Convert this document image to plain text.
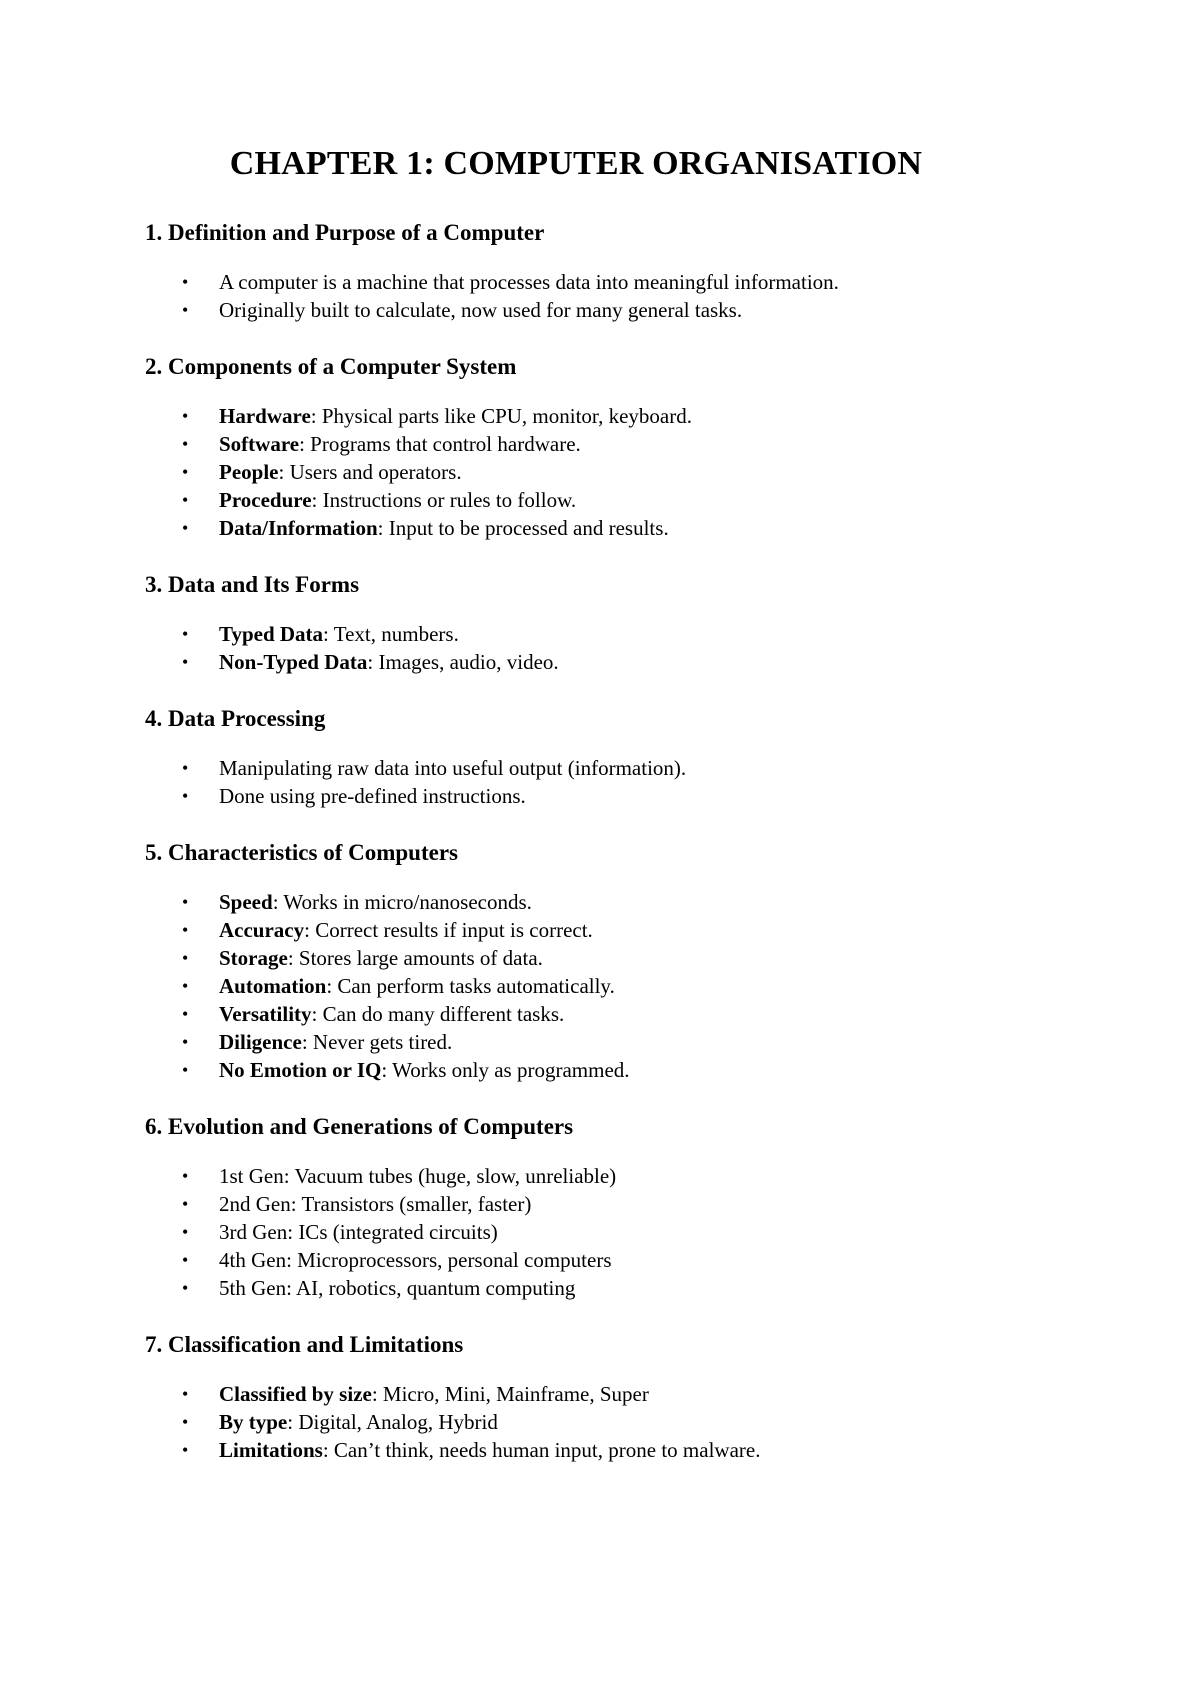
CHAPTER 1: COMPUTER ORGANISATION
1. Definition and Purpose of a Computer
• A computer is a machine that processes data into meaningful information.
• Originally built to calculate, now used for many general tasks.
2. Components of a Computer System
• Hardware: Physical parts like CPU, monitor, keyboard.
• Software: Programs that control hardware.
• People: Users and operators.
• Procedure: Instructions or rules to follow.
• Data/Information: Input to be processed and results.
3. Data and Its Forms
• Typed Data: Text, numbers.
• Non-Typed Data: Images, audio, video.
4. Data Processing
• Manipulating raw data into useful output (information).
• Done using pre-defined instructions.
5. Characteristics of Computers
• Speed: Works in micro/nanoseconds.
• Accuracy: Correct results if input is correct.
• Storage: Stores large amounts of data.
• Automation: Can perform tasks automatically.
• Versatility: Can do many different tasks.
• Diligence: Never gets tired.
• No Emotion or IQ: Works only as programmed.
6. Evolution and Generations of Computers
• 1st Gen: Vacuum tubes (huge, slow, unreliable)
• 2nd Gen: Transistors (smaller, faster)
• 3rd Gen: ICs (integrated circuits)
• 4th Gen: Microprocessors, personal computers
• 5th Gen: AI, robotics, quantum computing
7. Classification and Limitations
• Classified by size: Micro, Mini, Mainframe, Super
• By type: Digital, Analog, Hybrid
• Limitations: Can’t think, needs human input, prone to malware.
